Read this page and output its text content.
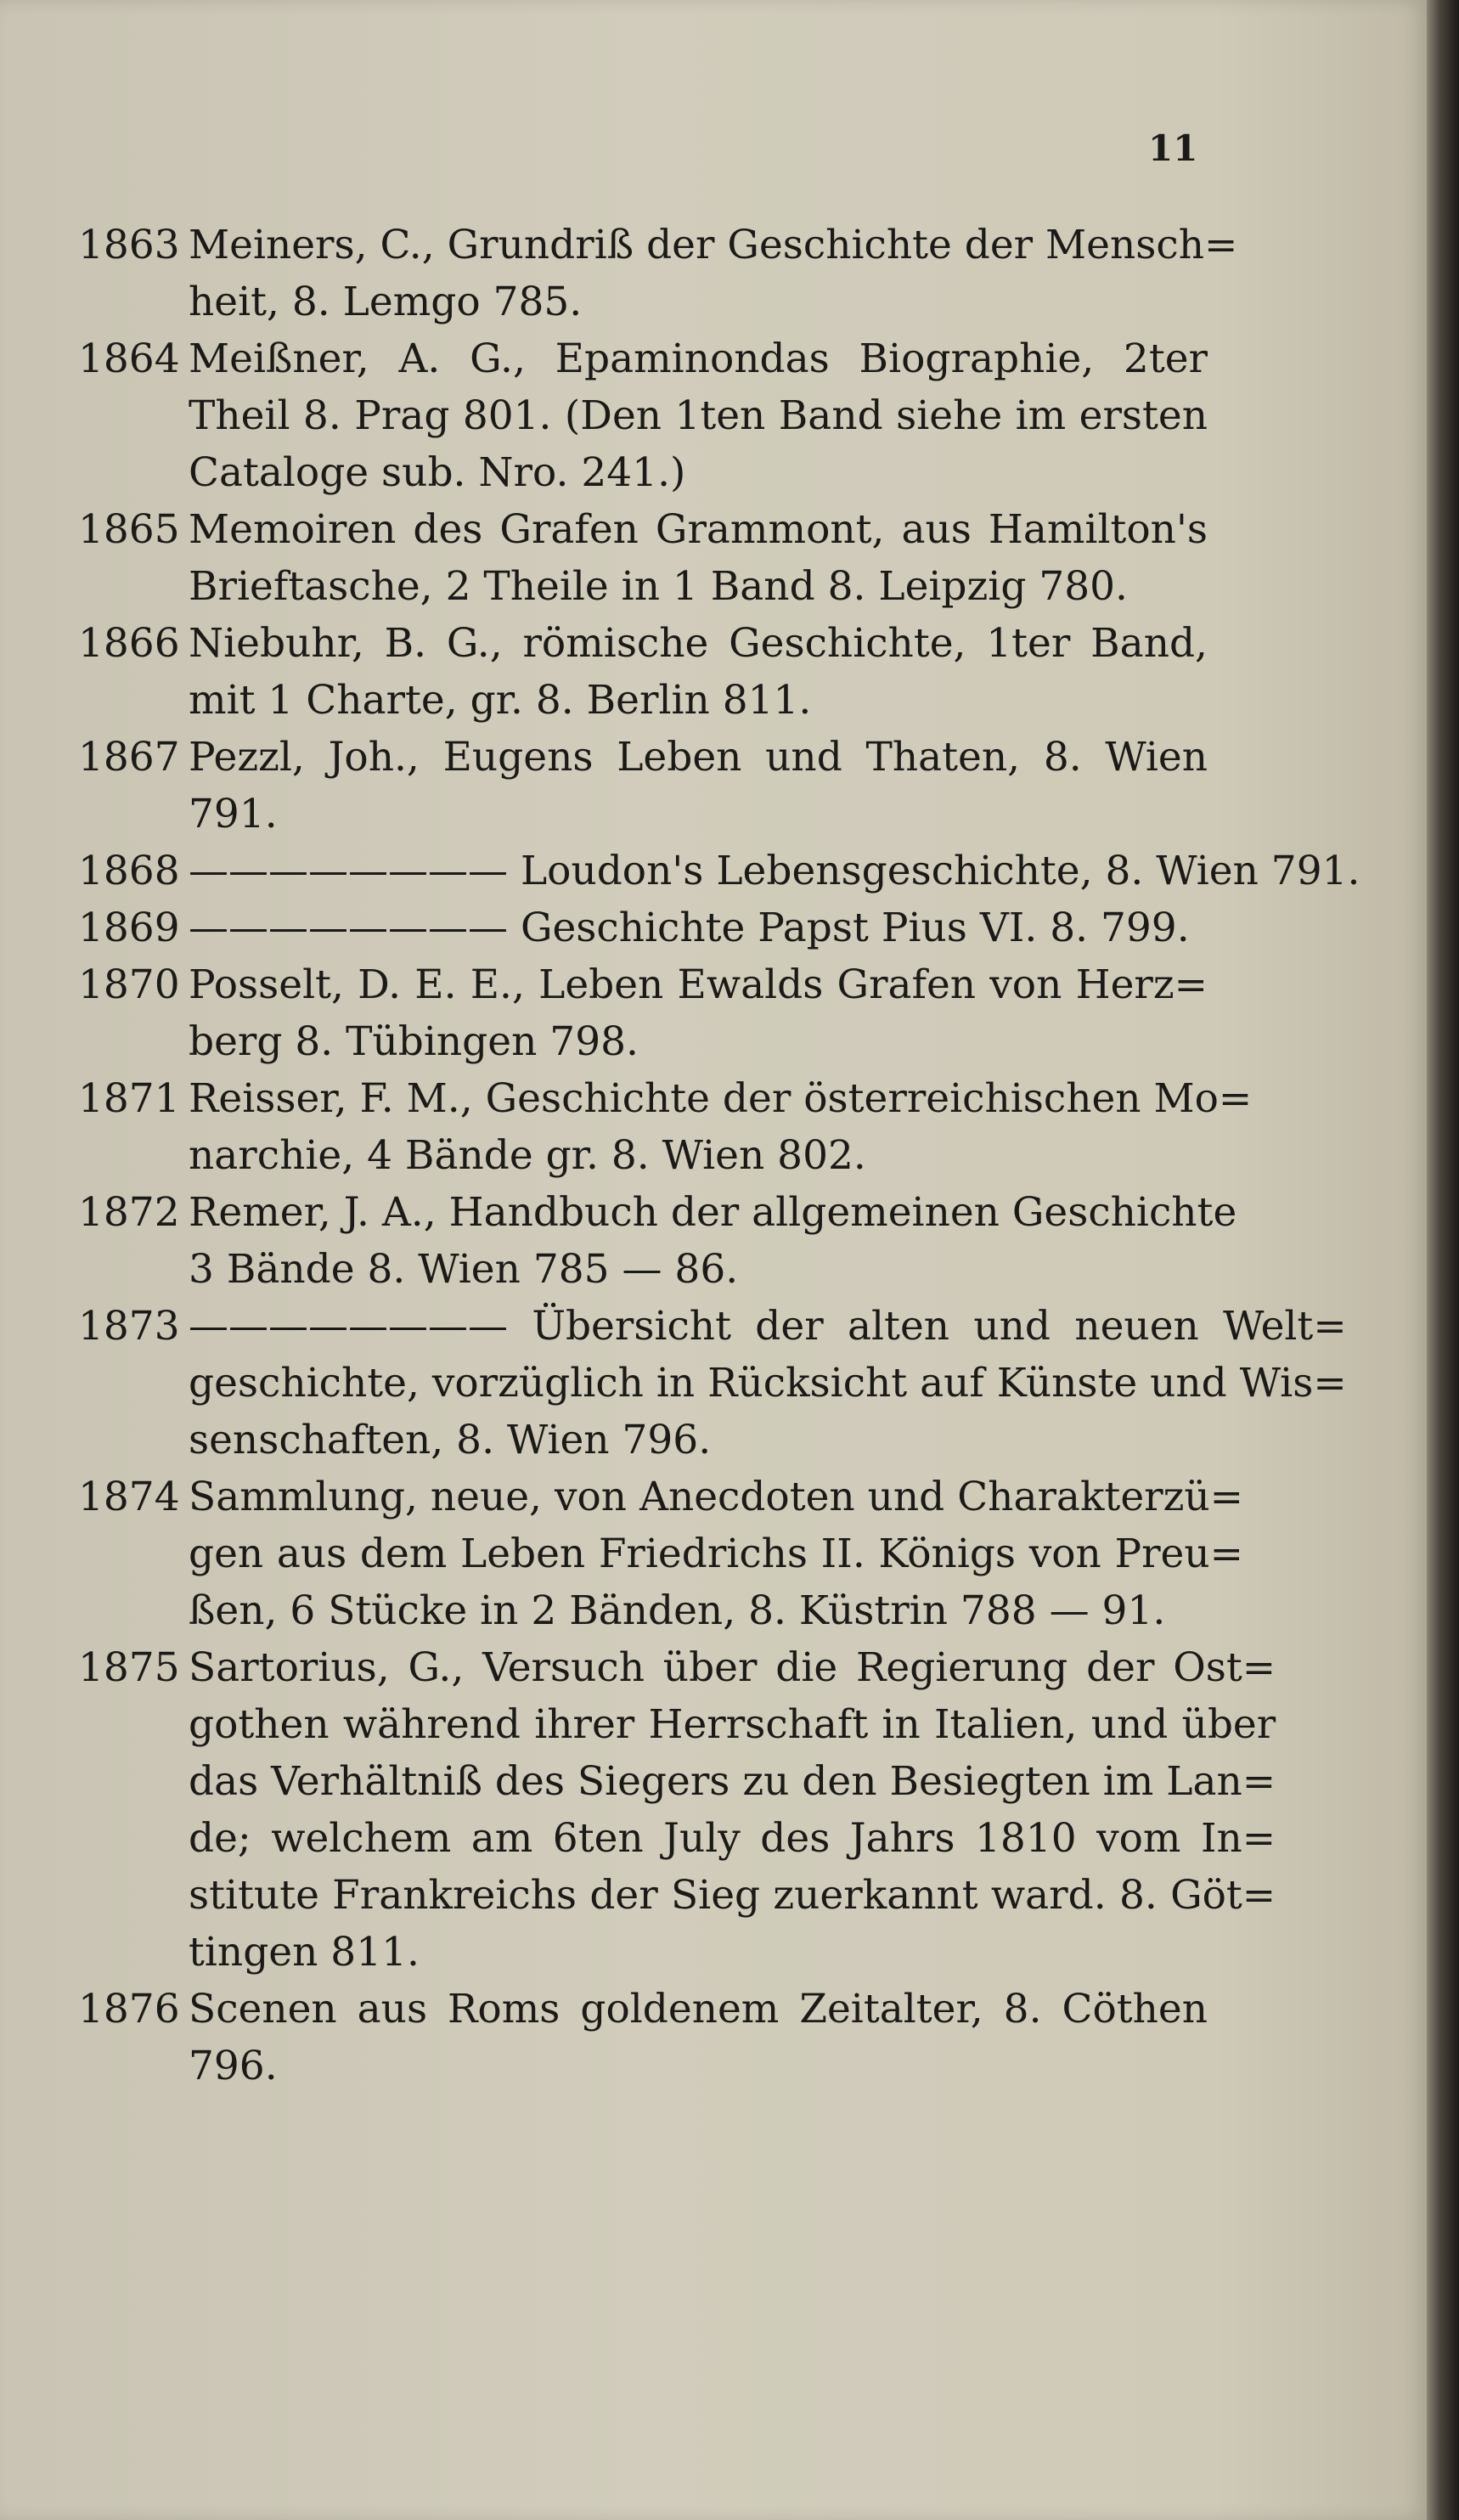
11
1863 Meiners, C., Grundriß der Geschichte der Mensch=
heit, 8. Lemgo 785.
1864 Meißner, A. G., Epaminondas Biographie, 2ter
Theil 8. Prag 801. (Den 1ten Band siehe im ersten
Cataloge sub. Nro. 241.)
1865 Memoiren des Grafen Grammont, aus Hamilton's
Brieftasche, 2 Theile in 1 Band 8. Leipzig 780.
1866 Niebuhr, B. G., römische Geschichte, 1ter Band,
mit 1 Charte, gr. 8. Berlin 811.
1867 Pezzl, Joh., Eugens Leben und Thaten, 8. Wien
791.
1868 ———————— Loudon's Lebensgeschichte, 8. Wien 791.
1869 ———————— Geschichte Papst Pius VI. 8. 799.
1870 Posselt, D. E. E., Leben Ewalds Grafen von Herz=
berg 8. Tübingen 798.
1871 Reisser, F. M., Geschichte der österreichischen Mo=
narchie, 4 Bände gr. 8. Wien 802.
1872 Remer, J. A., Handbuch der allgemeinen Geschichte
3 Bände 8. Wien 785 — 86.
1873 ———————— Übersicht der alten und neuen Welt=
geschichte, vorzüglich in Rücksicht auf Künste und Wis=
senschaften, 8. Wien 796.
1874 Sammlung, neue, von Anecdoten und Charakterzü=
gen aus dem Leben Friedrichs II. Königs von Preu=
ßen, 6 Stücke in 2 Bänden, 8. Küstrin 788 — 91.
1875 Sartorius, G., Versuch über die Regierung der Ost=
gothen während ihrer Herrschaft in Italien, und über
das Verhältniß des Siegers zu den Besiegten im Lan=
de; welchem am 6ten July des Jahrs 1810 vom In=
stitute Frankreichs der Sieg zuerkannt ward. 8. Göt=
tingen 811.
1876 Scenen aus Roms goldenem Zeitalter, 8. Cöthen
796.
